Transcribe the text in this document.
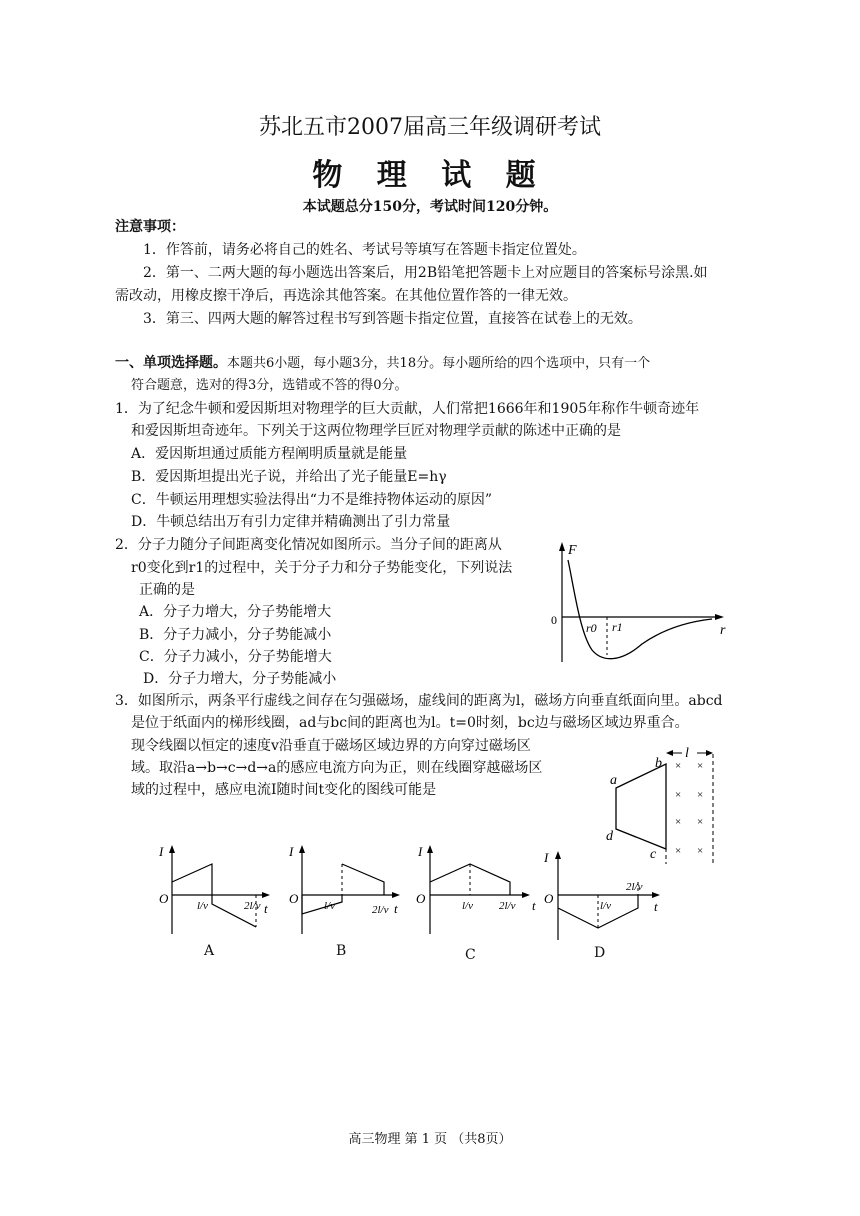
苏北五市2007届高三年级调研考试
物 理 试 题
本试题总分150分，考试时间120分钟。
注意事项：
1．作答前，请务必将自己的姓名、考试号等填写在答题卡指定位置处。
2．第一、二两大题的每小题选出答案后，用2B铅笔把答题卡上对应题目的答案标号涂黑.如
需改动，用橡皮擦干净后，再选涂其他答案。在其他位置作答的一律无效。
3．第三、四两大题的解答过程书写到答题卡指定位置，直接答在试卷上的无效。
一、单项选择题。本题共6小题，每小题3分，共18分。每小题所给的四个选项中，只有一个
符合题意，选对的得3分，选错或不答的得0分。
1．为了纪念牛顿和爱因斯坦对物理学的巨大贡献，人们常把1666年和1905年称作牛顿奇迹年
和爱因斯坦奇迹年。下列关于这两位物理学巨匠对物理学贡献的陈述中正确的是
A．爱因斯坦通过质能方程阐明质量就是能量
B．爱因斯坦提出光子说，并给出了光子能量E=hγ
C．牛顿运用理想实验法得出“力不是维持物体运动的原因”
D．牛顿总结出万有引力定律并精确测出了引力常量
2．分子力随分子间距离变化情况如图所示。当分子间的距离从
r0变化到r1的过程中，关于分子力和分子势能变化，下列说法
正确的是
A．分子力增大，分子势能增大
B．分子力减小，分子势能减小
C．分子力减小，分子势能增大
D．分子力增大，分子势能减小
F
r
0
r0 r1
3．如图所示，两条平行虚线之间存在匀强磁场，虚线间的距离为l，磁场方向垂直纸面向里。abcd
是位于纸面内的梯形线圈，ad与bc间的距离也为l。t=0时刻，bc边与磁场区域边界重合。
现令线圈以恒定的速度v沿垂直于磁场区域边界的方向穿过磁场区
域。取沿a→b→c→d→a的感应电流方向为正，则在线圈穿越磁场区
域的过程中，感应电流I随时间t变化的图线可能是
l
a
b
c
d
× ×
× ×
× ×
× ×
I
O
t
l/v	2l/v
A
I
O
t
l/v	2l/v
B
I
O	t
l/v 2l/v
C
I
O
t
l/v
2l/v
D
高三物理 第 1 页 （共8页）
